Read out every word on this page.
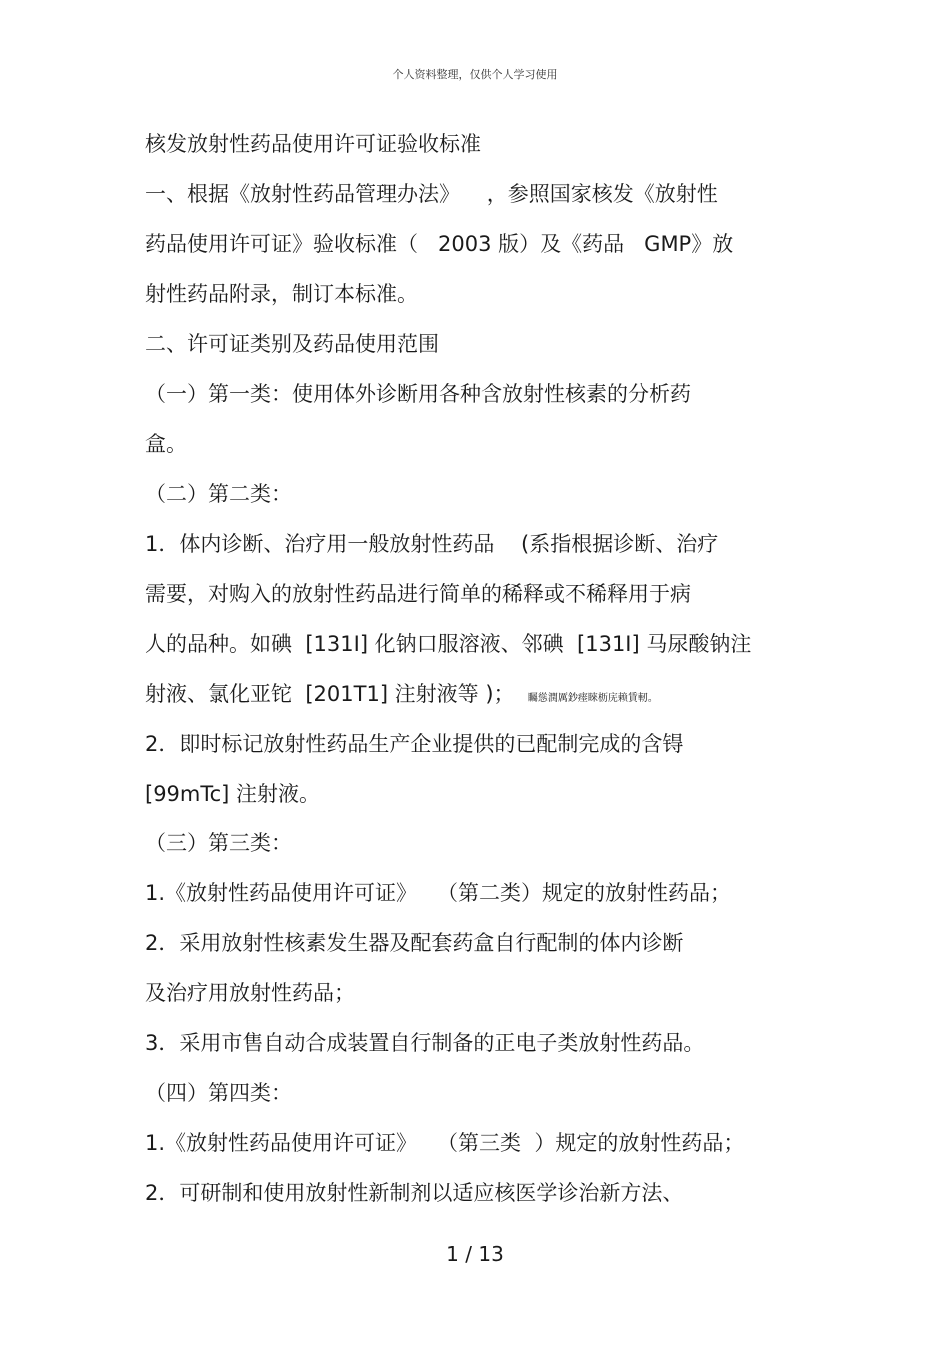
个人资料整理，仅供个人学习使用
核发放射性药品使用许可证验收标准
一、根据《放射性药品管理办法》    ，参照国家核发《放射性
药品使用许可证》验收标准（   2003 版）及《药品   GMP》放
射性药品附录，制订本标准。
二、许可证类别及药品使用范围
（一）第一类：使用体外诊断用各种含放射性核素的分析药
盒。
（二）第二类：
1．体内诊断、治疗用一般放射性药品    (系指根据诊断、治疗
需要，对购入的放射性药品进行简单的稀释或不稀释用于病
人的品种。如碘  [131I] 化钠口服溶液、邻碘  [131I] 马尿酸钠注
射液、氯化亚铊  [201T1] 注射液等 )； 矚慫潤厲鈔瘗睞枥庑赖賃軔。
2．即时标记放射性药品生产企业提供的已配制完成的含锝
[99mTc] 注射液。
（三）第三类：
1.《放射性药品使用许可证》   （第二类）规定的放射性药品；
2．采用放射性核素发生器及配套药盒自行配制的体内诊断
及治疗用放射性药品；
3．采用市售自动合成装置自行制备的正电子类放射性药品。
（四）第四类：
1.《放射性药品使用许可证》   （第三类  ）规定的放射性药品；
2．可研制和使用放射性新制剂以适应核医学诊治新方法、
1 / 13
